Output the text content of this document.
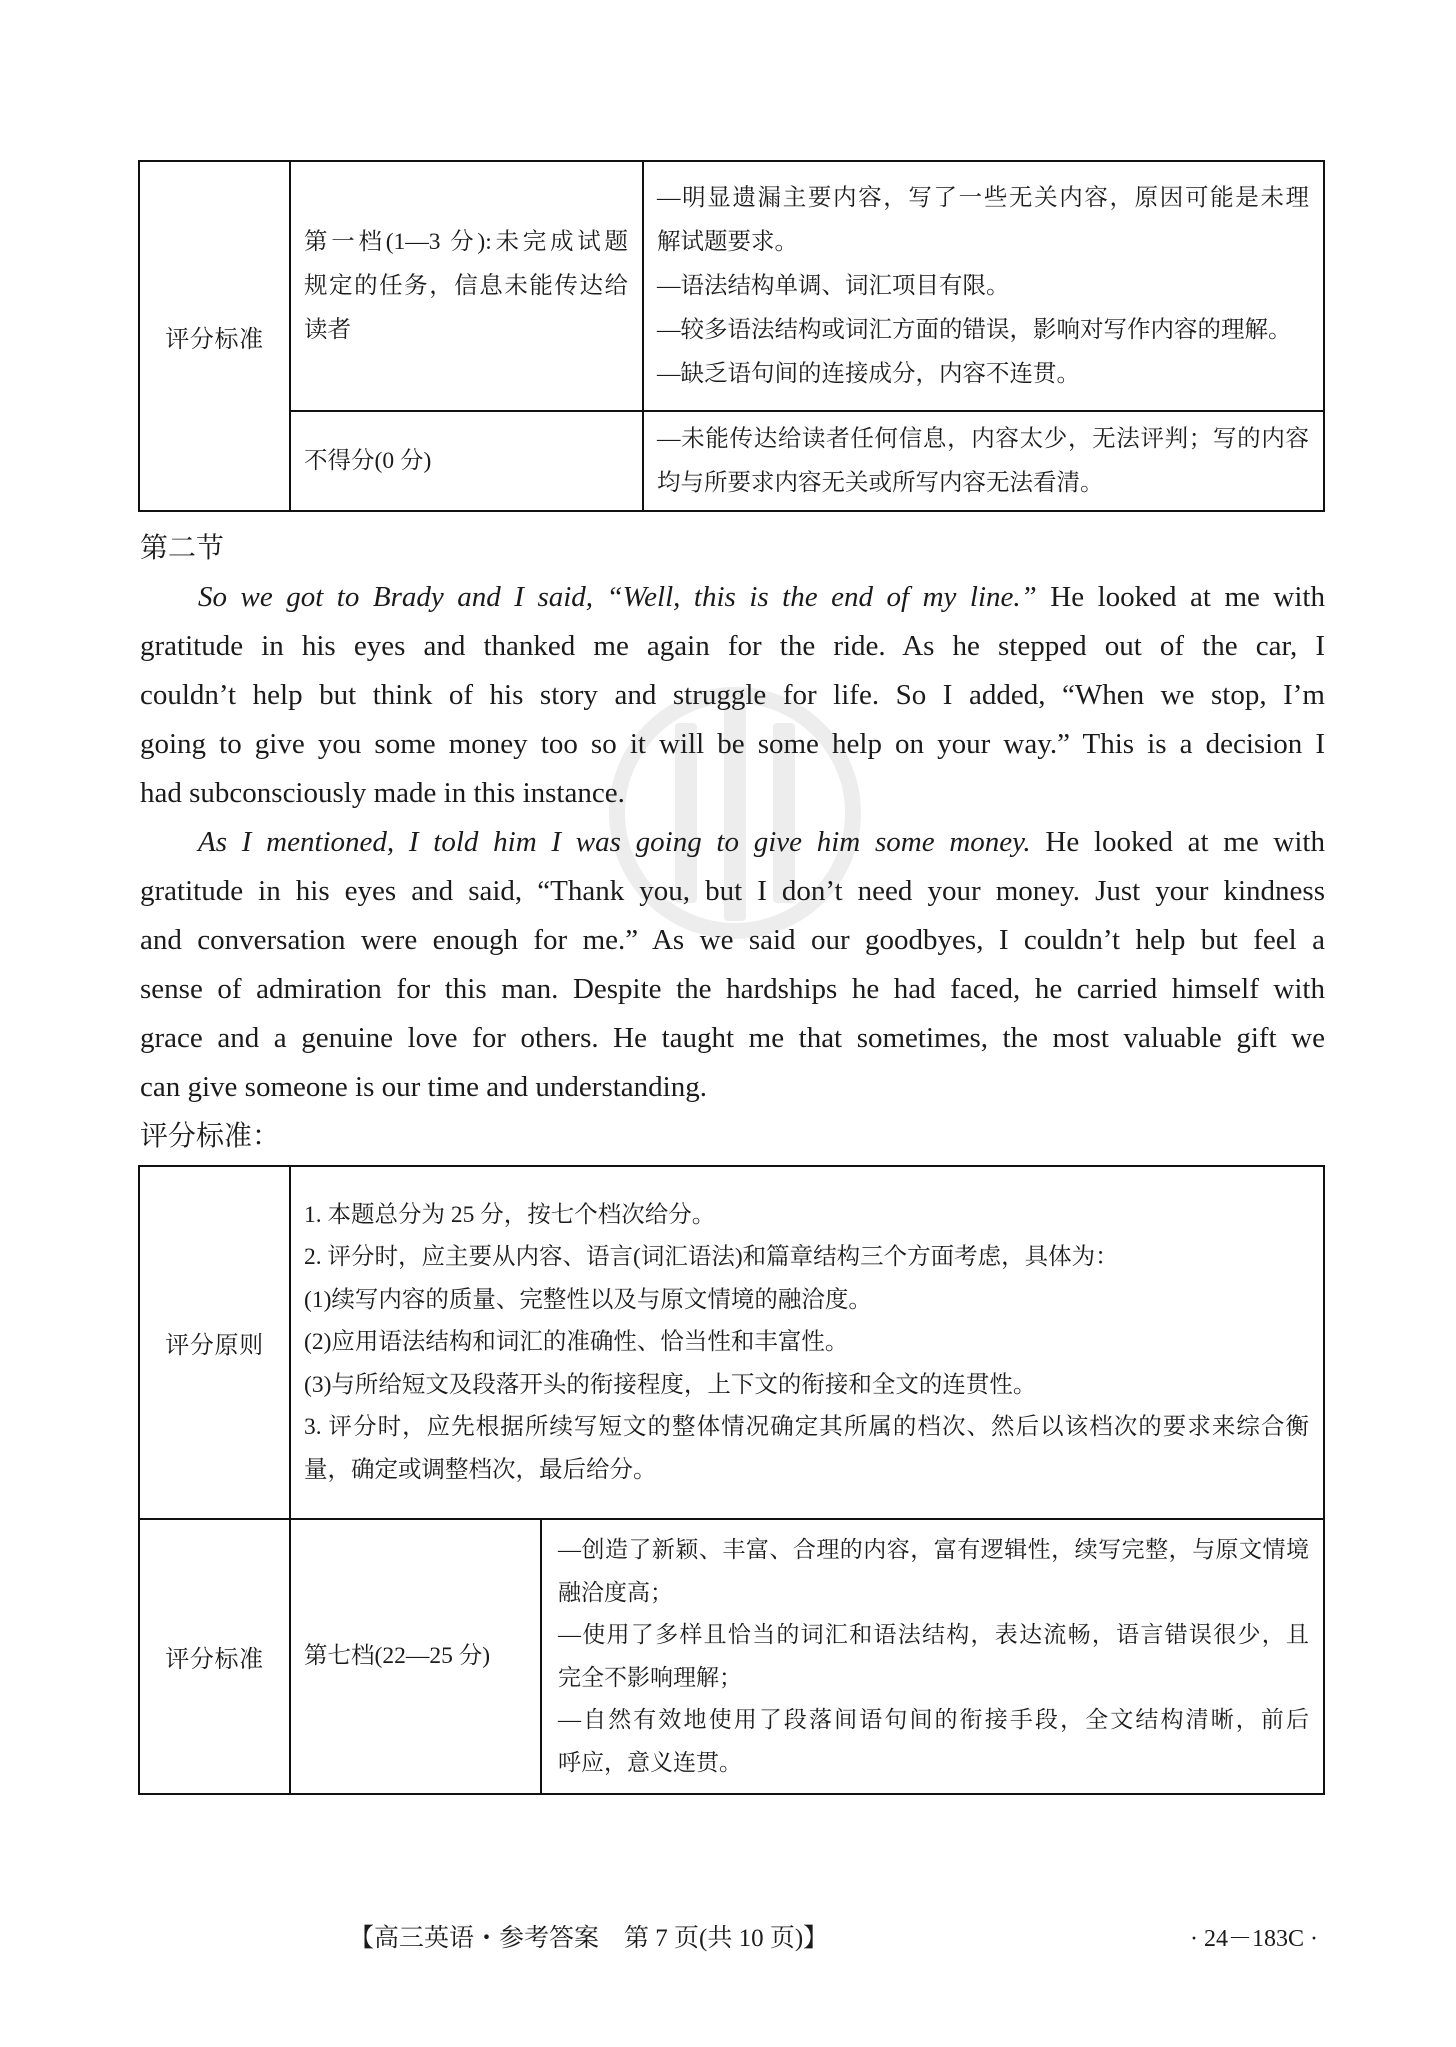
评分标准
第一档(1—3 分):未完成试题
规定的任务，信息未能传达给
读者
—明显遗漏主要内容，写了一些无关内容，原因可能是未理
解试题要求。
—语法结构单调、词汇项目有限。
—较多语法结构或词汇方面的错误，影响对写作内容的理解。
—缺乏语句间的连接成分，内容不连贯。
不得分(0 分)
—未能传达给读者任何信息，内容太少，无法评判；写的内容
均与所要求内容无关或所写内容无法看清。
第二节
So we got to Brady and I said, “Well, this is the end of my line.” He looked at me with
gratitude in his eyes and thanked me again for the ride. As he stepped out of the car, I
couldn’t help but think of his story and struggle for life. So I added, “When we stop, I’m
going to give you some money too so it will be some help on your way.” This is a decision I
had subconsciously made in this instance.
As I mentioned, I told him I was going to give him some money. He looked at me with
gratitude in his eyes and said, “Thank you, but I don’t need your money. Just your kindness
and conversation were enough for me.” As we said our goodbyes, I couldn’t help but feel a
sense of admiration for this man. Despite the hardships he had faced, he carried himself with
grace and a genuine love for others. He taught me that sometimes, the most valuable gift we
can give someone is our time and understanding.
评分标准：
评分原则
1. 本题总分为 25 分，按七个档次给分。
2. 评分时，应主要从内容、语言(词汇语法)和篇章结构三个方面考虑，具体为：
(1)续写内容的质量、完整性以及与原文情境的融洽度。
(2)应用语法结构和词汇的准确性、恰当性和丰富性。
(3)与所给短文及段落开头的衔接程度，上下文的衔接和全文的连贯性。
3. 评分时，应先根据所续写短文的整体情况确定其所属的档次、然后以该档次的要求来综合衡
量，确定或调整档次，最后给分。
评分标准 第七档(22—25 分)
—创造了新颖、丰富、合理的内容，富有逻辑性，续写完整，与原文情境
融洽度高；
—使用了多样且恰当的词汇和语法结构，表达流畅，语言错误很少，且
完全不影响理解；
—自然有效地使用了段落间语句间的衔接手段，全文结构清晰，前后
呼应，意义连贯。
【高三英语・参考答案　第 7 页(共 10 页)】	· 24－183C ·
